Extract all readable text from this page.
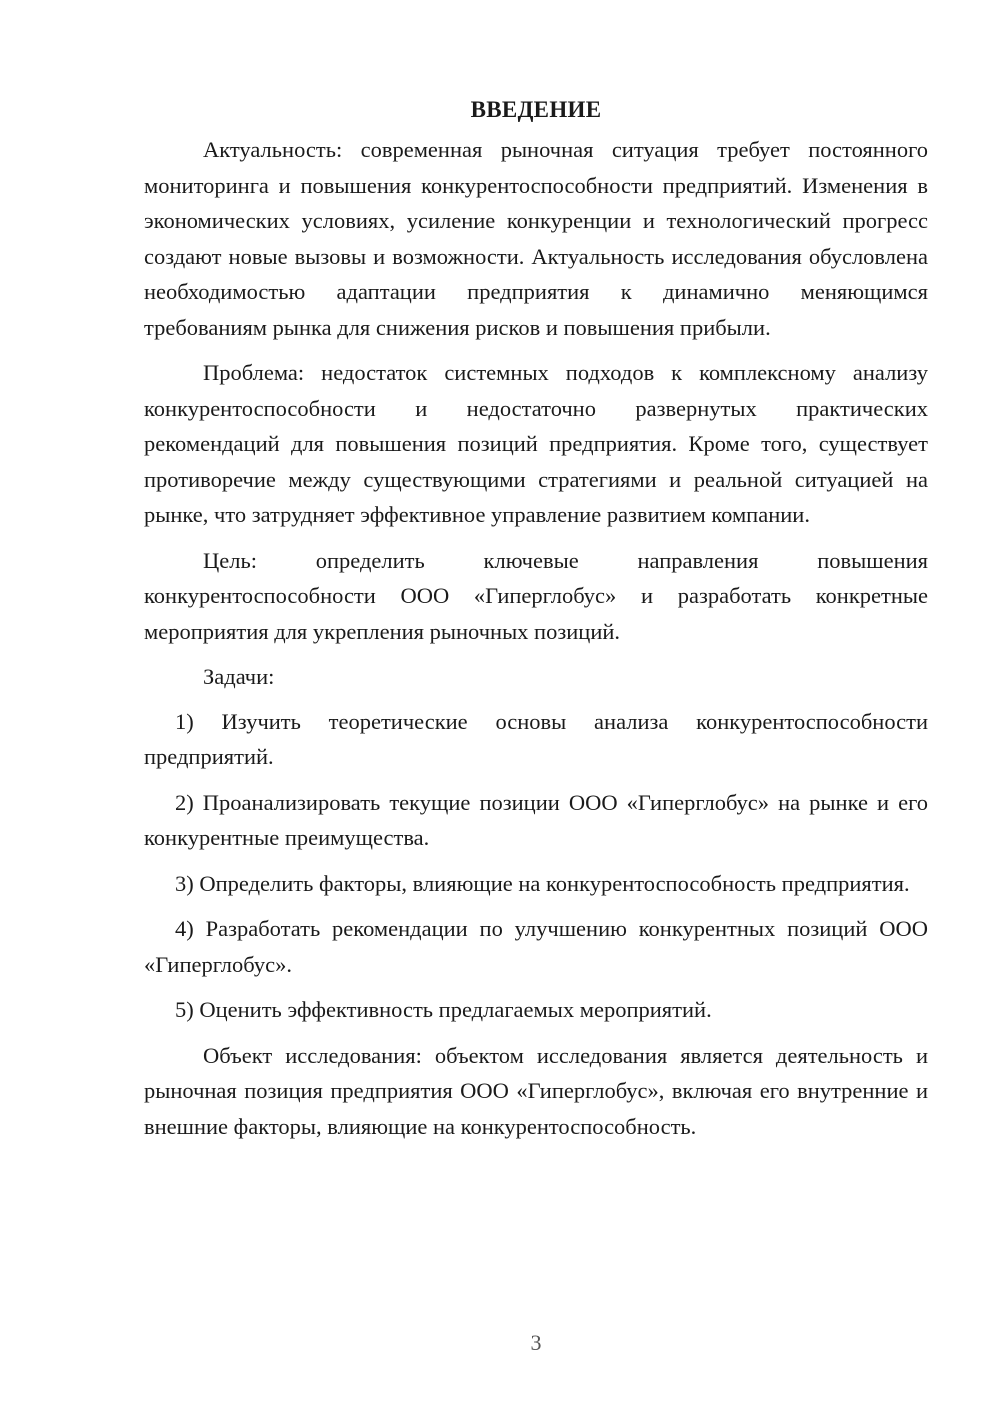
ВВЕДЕНИЕ

Актуальность: современная рыночная ситуация требует постоянного мониторинга и повышения конкурентоспособности предприятий. Изменения в экономических условиях, усиление конкуренции и технологический прогресс создают новые вызовы и возможности. Актуальность исследования обусловлена необходимостью адаптации предприятия к динамично меняющимся требованиям рынка для снижения рисков и повышения прибыли.

Проблема: недостаток системных подходов к комплексному анализу конкурентоспособности и недостаточно развернутых практических рекомендаций для повышения позиций предприятия. Кроме того, существует противоречие между существующими стратегиями и реальной ситуацией на рынке, что затрудняет эффективное управление развитием компании.

Цель: определить ключевые направления повышения конкурентоспособности ООО «Гиперглобус» и разработать конкретные мероприятия для укрепления рыночных позиций.

Задачи:

1) Изучить теоретические основы анализа конкурентоспособности предприятий.

2) Проанализировать текущие позиции ООО «Гиперглобус» на рынке и его конкурентные преимущества.

3) Определить факторы, влияющие на конкурентоспособность предприятия.

4) Разработать рекомендации по улучшению конкурентных позиций ООО «Гиперглобус».

5) Оценить эффективность предлагаемых мероприятий.

Объект исследования: объектом исследования является деятельность и рыночная позиция предприятия ООО «Гиперглобус», включая его внутренние и внешние факторы, влияющие на конкурентоспособность.

3
